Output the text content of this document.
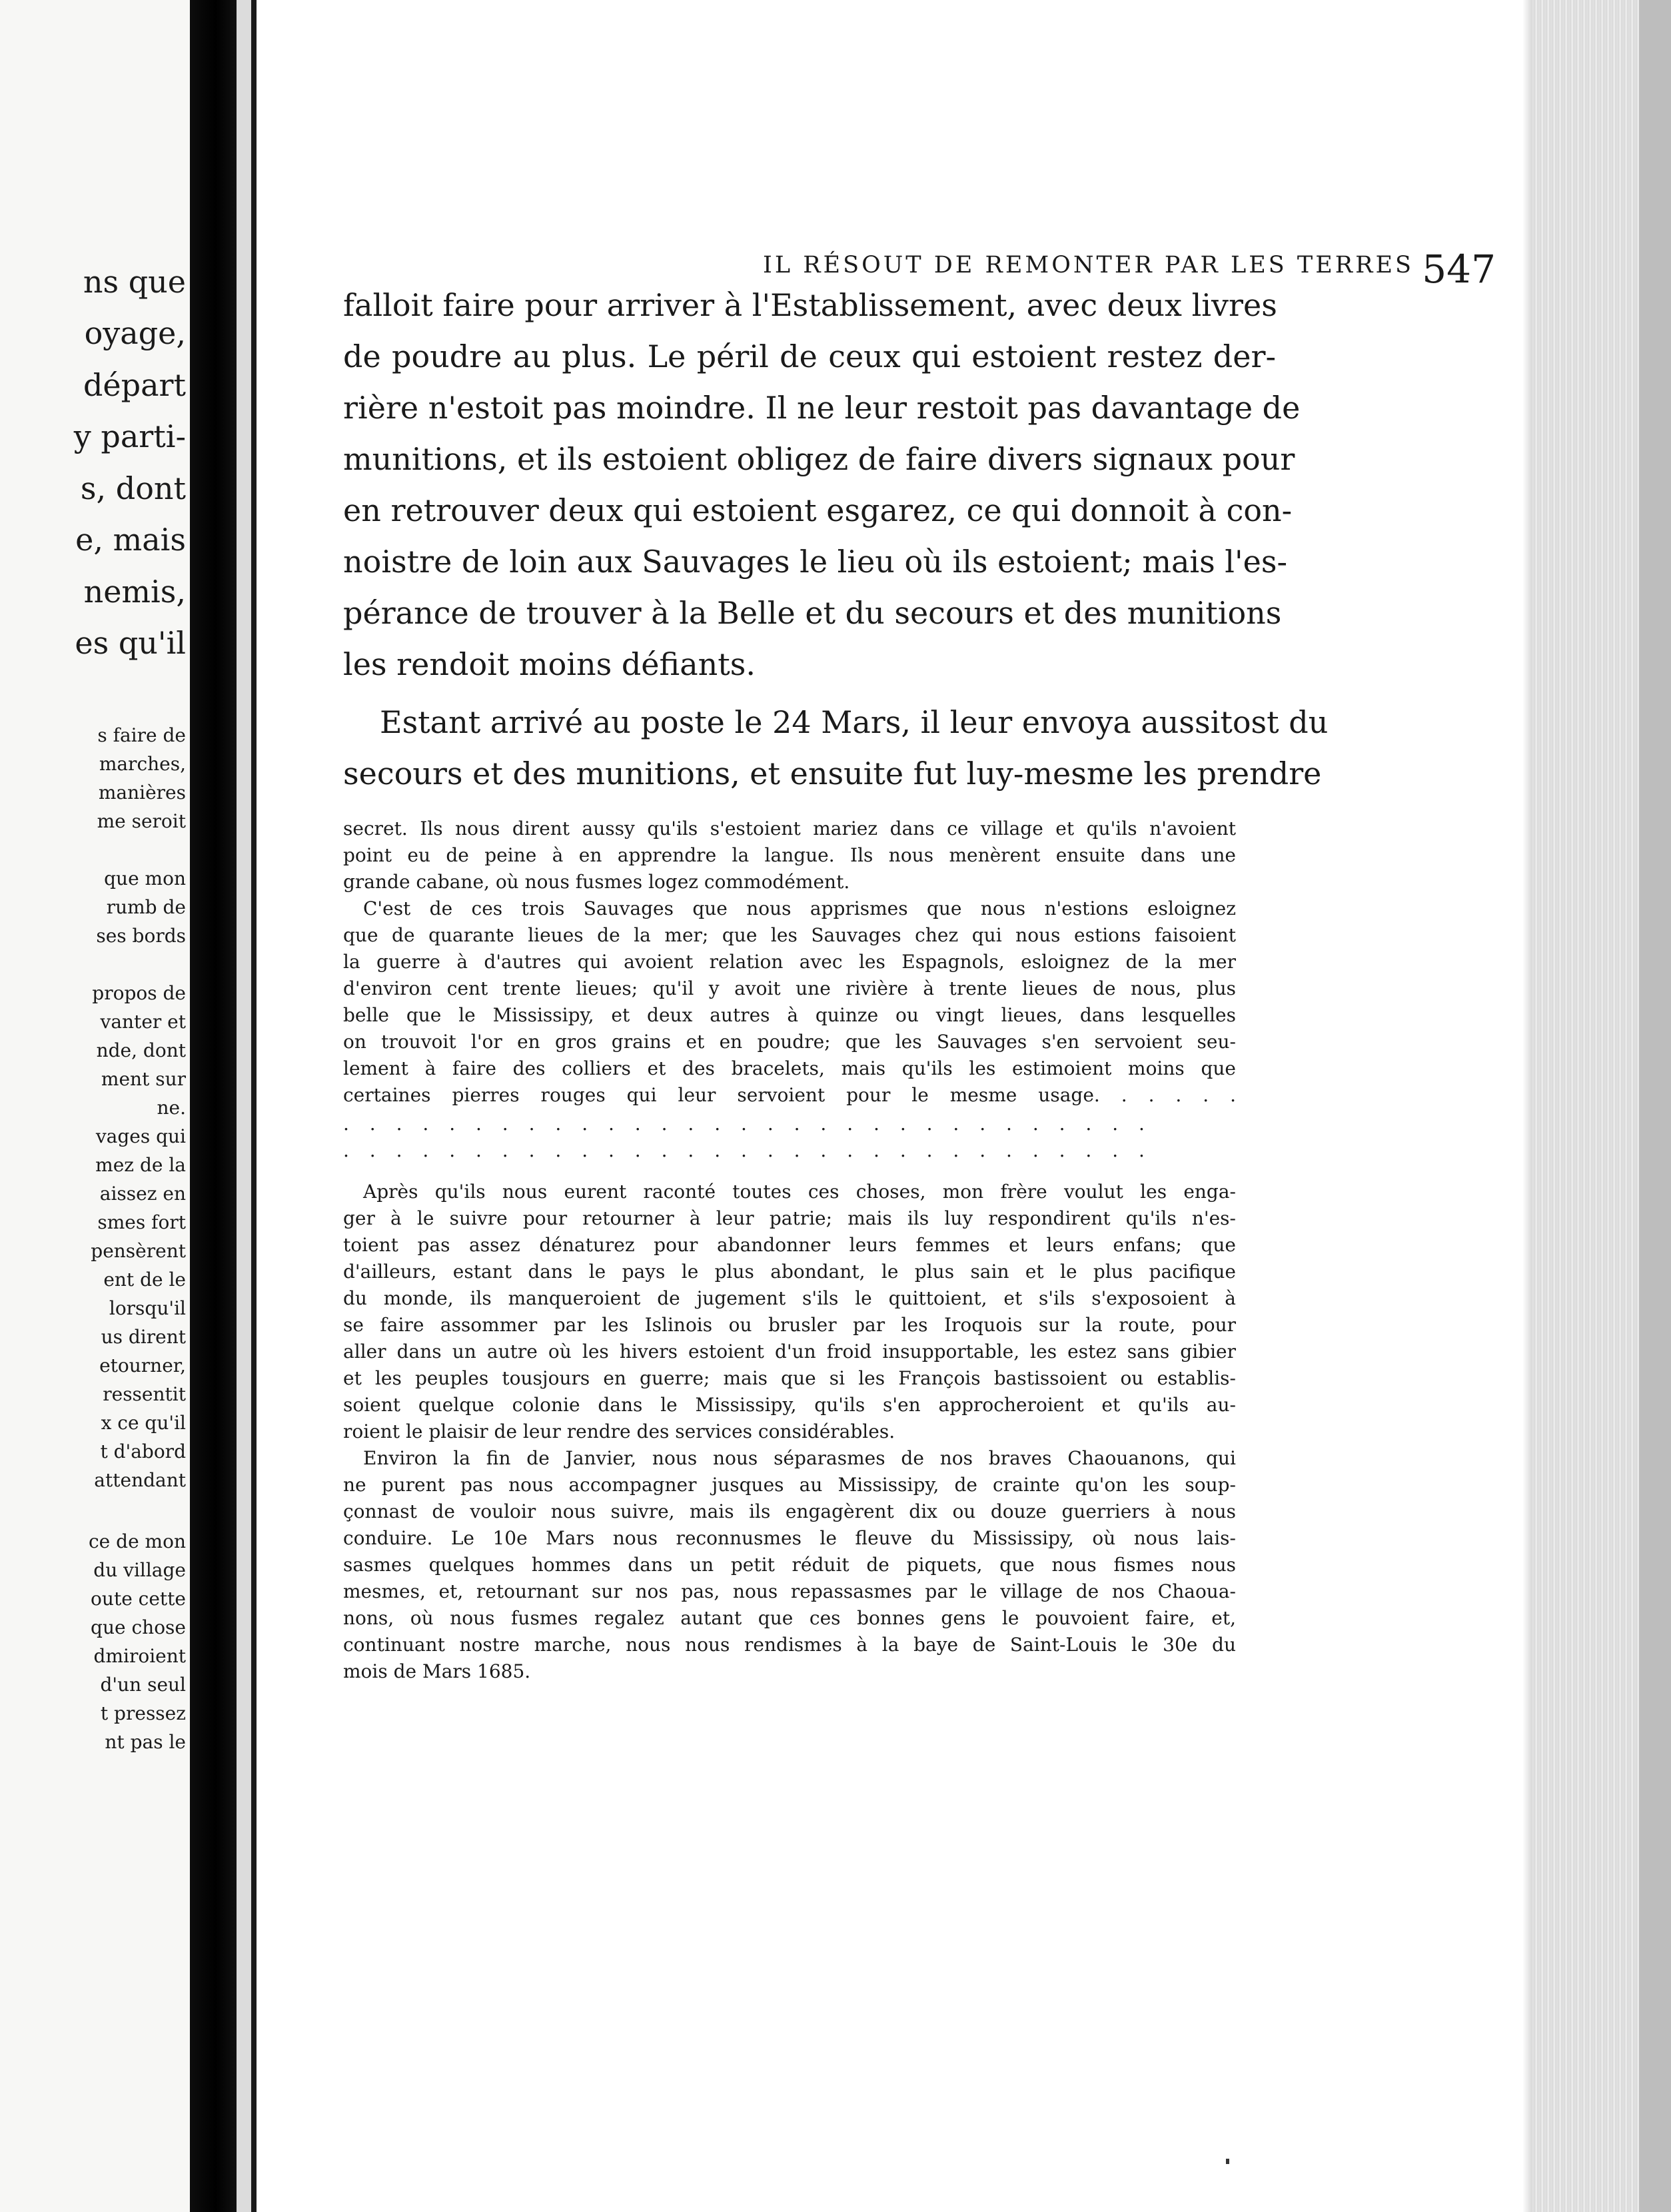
ns que
oyage,
départ
y parti-
s, dont
e, mais
nemis,
es qu'il
s faire de
marches,
manières
me seroit
que mon
rumb de
ses bords
propos de
vanter et
nde, dont
ment sur
ne.
vages qui
mez de la
aissez en
smes fort
pensèrent
ent de le
lorsqu'il
us dirent
etourner,
ressentit
x ce qu'il
t d'abord
attendant
ce de mon
du village
oute cette
que chose
dmiroient
d'un seul
t pressez
nt pas le
IL RÉSOUT DE REMONTER PAR LES TERRES 547
falloit faire pour arriver à l'Establissement, avec deux livres
de poudre au plus. Le péril de ceux qui estoient restez der-
rière n'estoit pas moindre. Il ne leur restoit pas davantage de
munitions, et ils estoient obligez de faire divers signaux pour
en retrouver deux qui estoient esgarez, ce qui donnoit à con-
noistre de loin aux Sauvages le lieu où ils estoient; mais l'es-
pérance de trouver à la Belle et du secours et des munitions
les rendoit moins défiants.
Estant arrivé au poste le 24 Mars, il leur envoya aussitost du
secours et des munitions, et ensuite fut luy-mesme les prendre
secret. Ils nous dirent aussy qu'ils s'estoient mariez dans ce village et qu'ils n'avoient
point eu de peine à en apprendre la langue. Ils nous menèrent ensuite dans une
grande cabane, où nous fusmes logez commodément.
C'est de ces trois Sauvages que nous apprismes que nous n'estions esloignez
que de quarante lieues de la mer; que les Sauvages chez qui nous estions faisoient
la guerre à d'autres qui avoient relation avec les Espagnols, esloignez de la mer
d'environ cent trente lieues; qu'il y avoit une rivière à trente lieues de nous, plus
belle que le Mississipy, et deux autres à quinze ou vingt lieues, dans lesquelles
on trouvoit l'or en gros grains et en poudre; que les Sauvages s'en servoient seu-
lement à faire des colliers et des bracelets, mais qu'ils les estimoient moins que
certaines pierres rouges qui leur servoient pour le mesme usage. . . . . .
. . . . . . . . . . . . . . . . . . . . . . . . . . . . . . .
. . . . . . . . . . . . . . . . . . . . . . . . . . . . . . .
Après qu'ils nous eurent raconté toutes ces choses, mon frère voulut les enga-
ger à le suivre pour retourner à leur patrie; mais ils luy respondirent qu'ils n'es-
toient pas assez dénaturez pour abandonner leurs femmes et leurs enfans; que
d'ailleurs, estant dans le pays le plus abondant, le plus sain et le plus pacifique
du monde, ils manqueroient de jugement s'ils le quittoient, et s'ils s'exposoient à
se faire assommer par les Islinois ou brusler par les Iroquois sur la route, pour
aller dans un autre où les hivers estoient d'un froid insupportable, les estez sans gibier
et les peuples tousjours en guerre; mais que si les François bastissoient ou establis-
soient quelque colonie dans le Mississipy, qu'ils s'en approcheroient et qu'ils au-
roient le plaisir de leur rendre des services considérables.
Environ la fin de Janvier, nous nous séparasmes de nos braves Chaouanons, qui
ne purent pas nous accompagner jusques au Mississipy, de crainte qu'on les soup-
çonnast de vouloir nous suivre, mais ils engagèrent dix ou douze guerriers à nous
conduire. Le 10e Mars nous reconnusmes le fleuve du Mississipy, où nous lais-
sasmes quelques hommes dans un petit réduit de piquets, que nous fismes nous
mesmes, et, retournant sur nos pas, nous repassasmes par le village de nos Chaoua-
nons, où nous fusmes regalez autant que ces bonnes gens le pouvoient faire, et,
continuant nostre marche, nous nous rendismes à la baye de Saint-Louis le 30e du
mois de Mars 1685.
